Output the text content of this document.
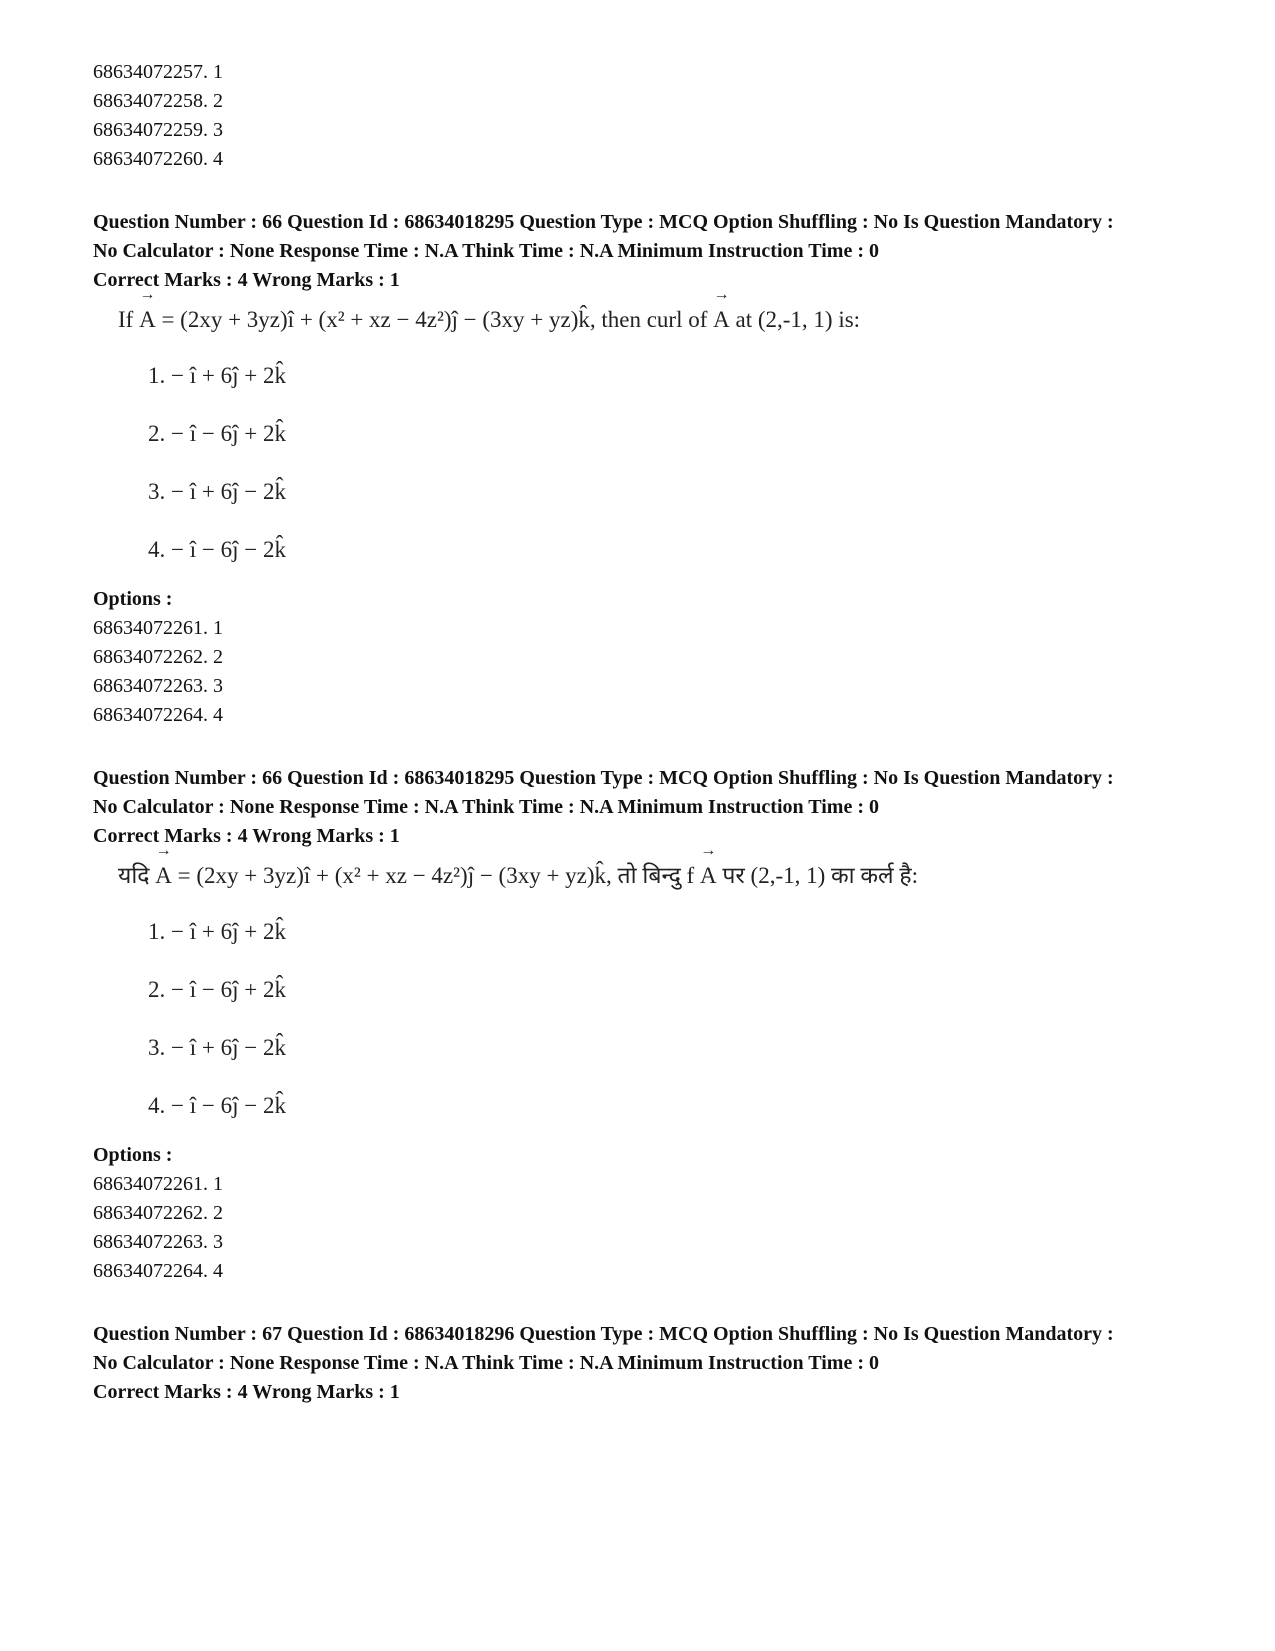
68634072257. 1
68634072258. 2
68634072259. 3
68634072260. 4
Question Number : 66 Question Id : 68634018295 Question Type : MCQ Option Shuffling : No Is Question Mandatory :
No Calculator : None Response Time : N.A Think Time : N.A Minimum Instruction Time : 0
Correct Marks : 4 Wrong Marks : 1
If → A = (2xy + 3yz)î + (x² + xz − 4z²)ĵ − (3xy + yz)k̂, then curl of → A at (2,-1, 1) is:
1. − î + 6ĵ + 2k̂
2. − î − 6ĵ + 2k̂
3. − î + 6ĵ − 2k̂
4. − î − 6ĵ − 2k̂
Options :
68634072261. 1
68634072262. 2
68634072263. 3
68634072264. 4
Question Number : 66 Question Id : 68634018295 Question Type : MCQ Option Shuffling : No Is Question Mandatory :
No Calculator : None Response Time : N.A Think Time : N.A Minimum Instruction Time : 0
Correct Marks : 4 Wrong Marks : 1
यदि → A = (2xy + 3yz)î + (x² + xz − 4z²)ĵ − (3xy + yz)k̂, तो बिन्दु f → A पर (2,-1, 1) का कर्ल है:
1. − î + 6ĵ + 2k̂
2. − î − 6ĵ + 2k̂
3. − î + 6ĵ − 2k̂
4. − î − 6ĵ − 2k̂
Options :
68634072261. 1
68634072262. 2
68634072263. 3
68634072264. 4
Question Number : 67 Question Id : 68634018296 Question Type : MCQ Option Shuffling : No Is Question Mandatory :
No Calculator : None Response Time : N.A Think Time : N.A Minimum Instruction Time : 0
Correct Marks : 4 Wrong Marks : 1
